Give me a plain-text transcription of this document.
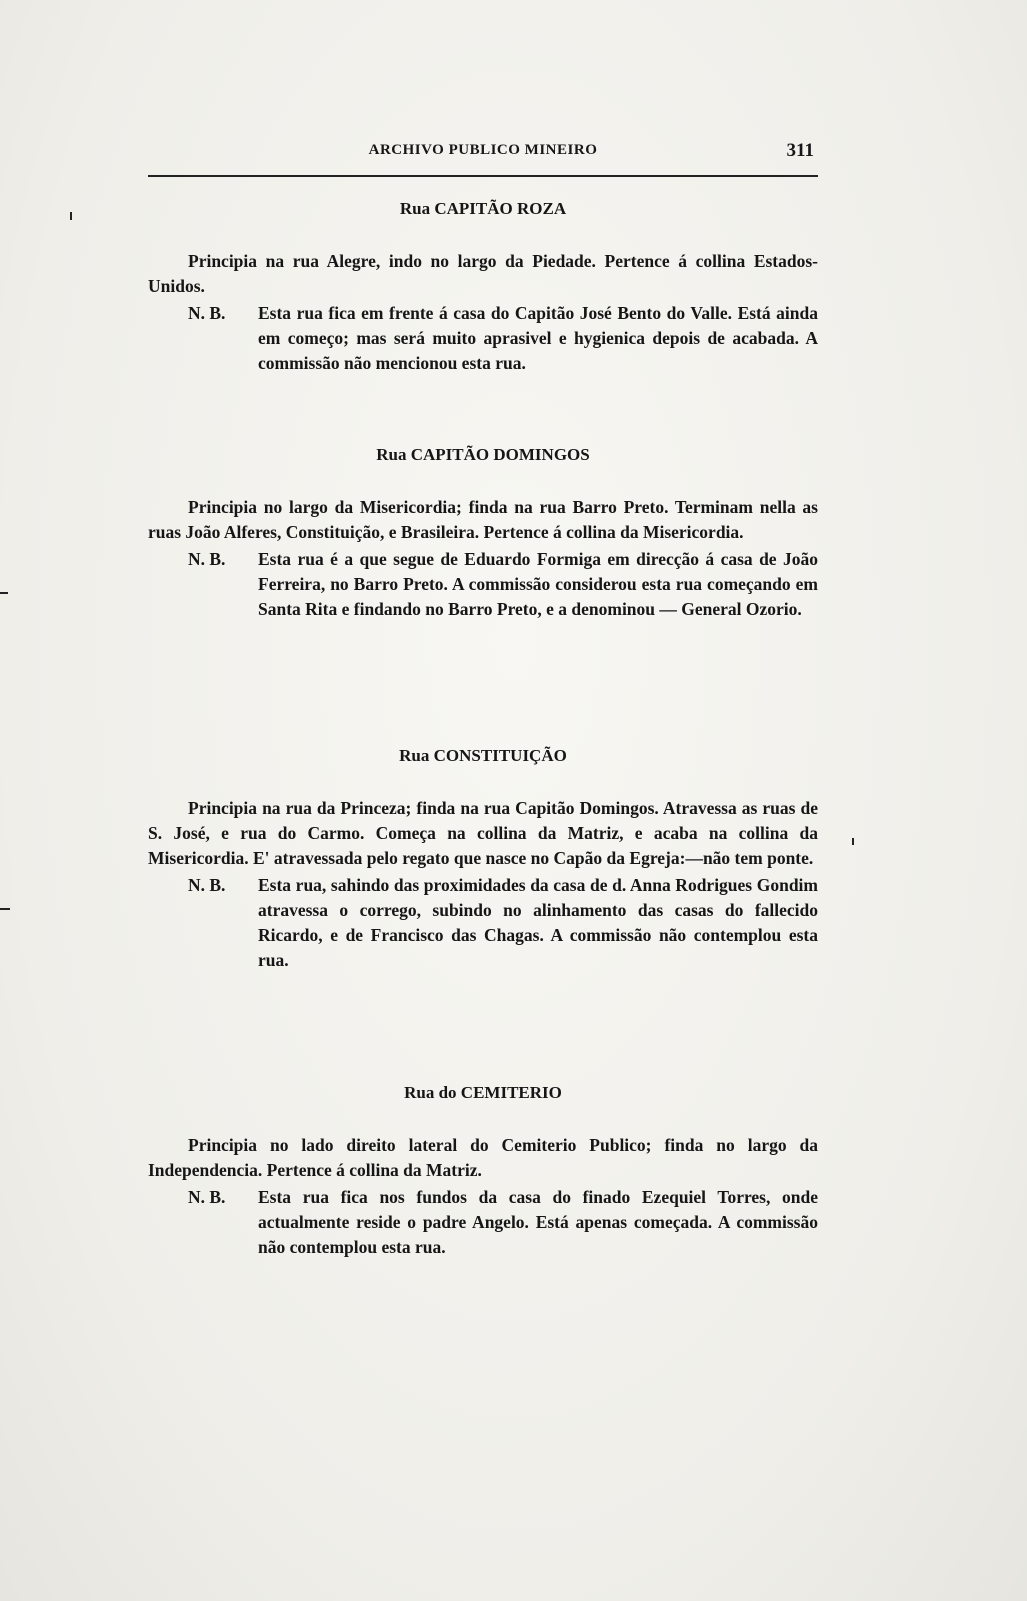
ARCHIVO PUBLICO MINEIRO	311
Rua CAPITÃO ROZA

Principia na rua Alegre, indo no largo da Piedade. Pertence á collina Estados-Unidos.

N. B.	Esta rua fica em frente á casa do Capitão José Bento do Valle. Está ainda em começo; mas será muito aprasivel e hygienica depois de acabada. A commissão não mencionou esta rua.
Rua CAPITÃO DOMINGOS

Principia no largo da Misericordia; finda na rua Barro Preto. Terminam nella as ruas João Alferes, Constituição, e Brasileira. Pertence á collina da Misericordia.

N. B.	Esta rua é a que segue de Eduardo Formiga em direcção á casa de João Ferreira, no Barro Preto. A commissão considerou esta rua começando em Santa Rita e findando no Barro Preto, e a denominou — General Ozorio.
Rua CONSTITUIÇÃO

Principia na rua da Princeza; finda na rua Capitão Domingos. Atravessa as ruas de S. José, e rua do Carmo. Começa na collina da Matriz, e acaba na collina da Misericordia. E' atravessada pelo regato que nasce no Capão da Egreja:—não tem ponte.

N. B.	Esta rua, sahindo das proximidades da casa de d. Anna Rodrigues Gondim atravessa o corrego, subindo no alinhamento das casas do fallecido Ricardo, e de Francisco das Chagas. A commissão não contemplou esta rua.
Rua do CEMITERIO

Principia no lado direito lateral do Cemiterio Publico; finda no largo da Independencia. Pertence á collina da Matriz.

N. B.	Esta rua fica nos fundos da casa do finado Ezequiel Torres, onde actualmente reside o padre Angelo. Está apenas começada. A commissão não contemplou esta rua.
